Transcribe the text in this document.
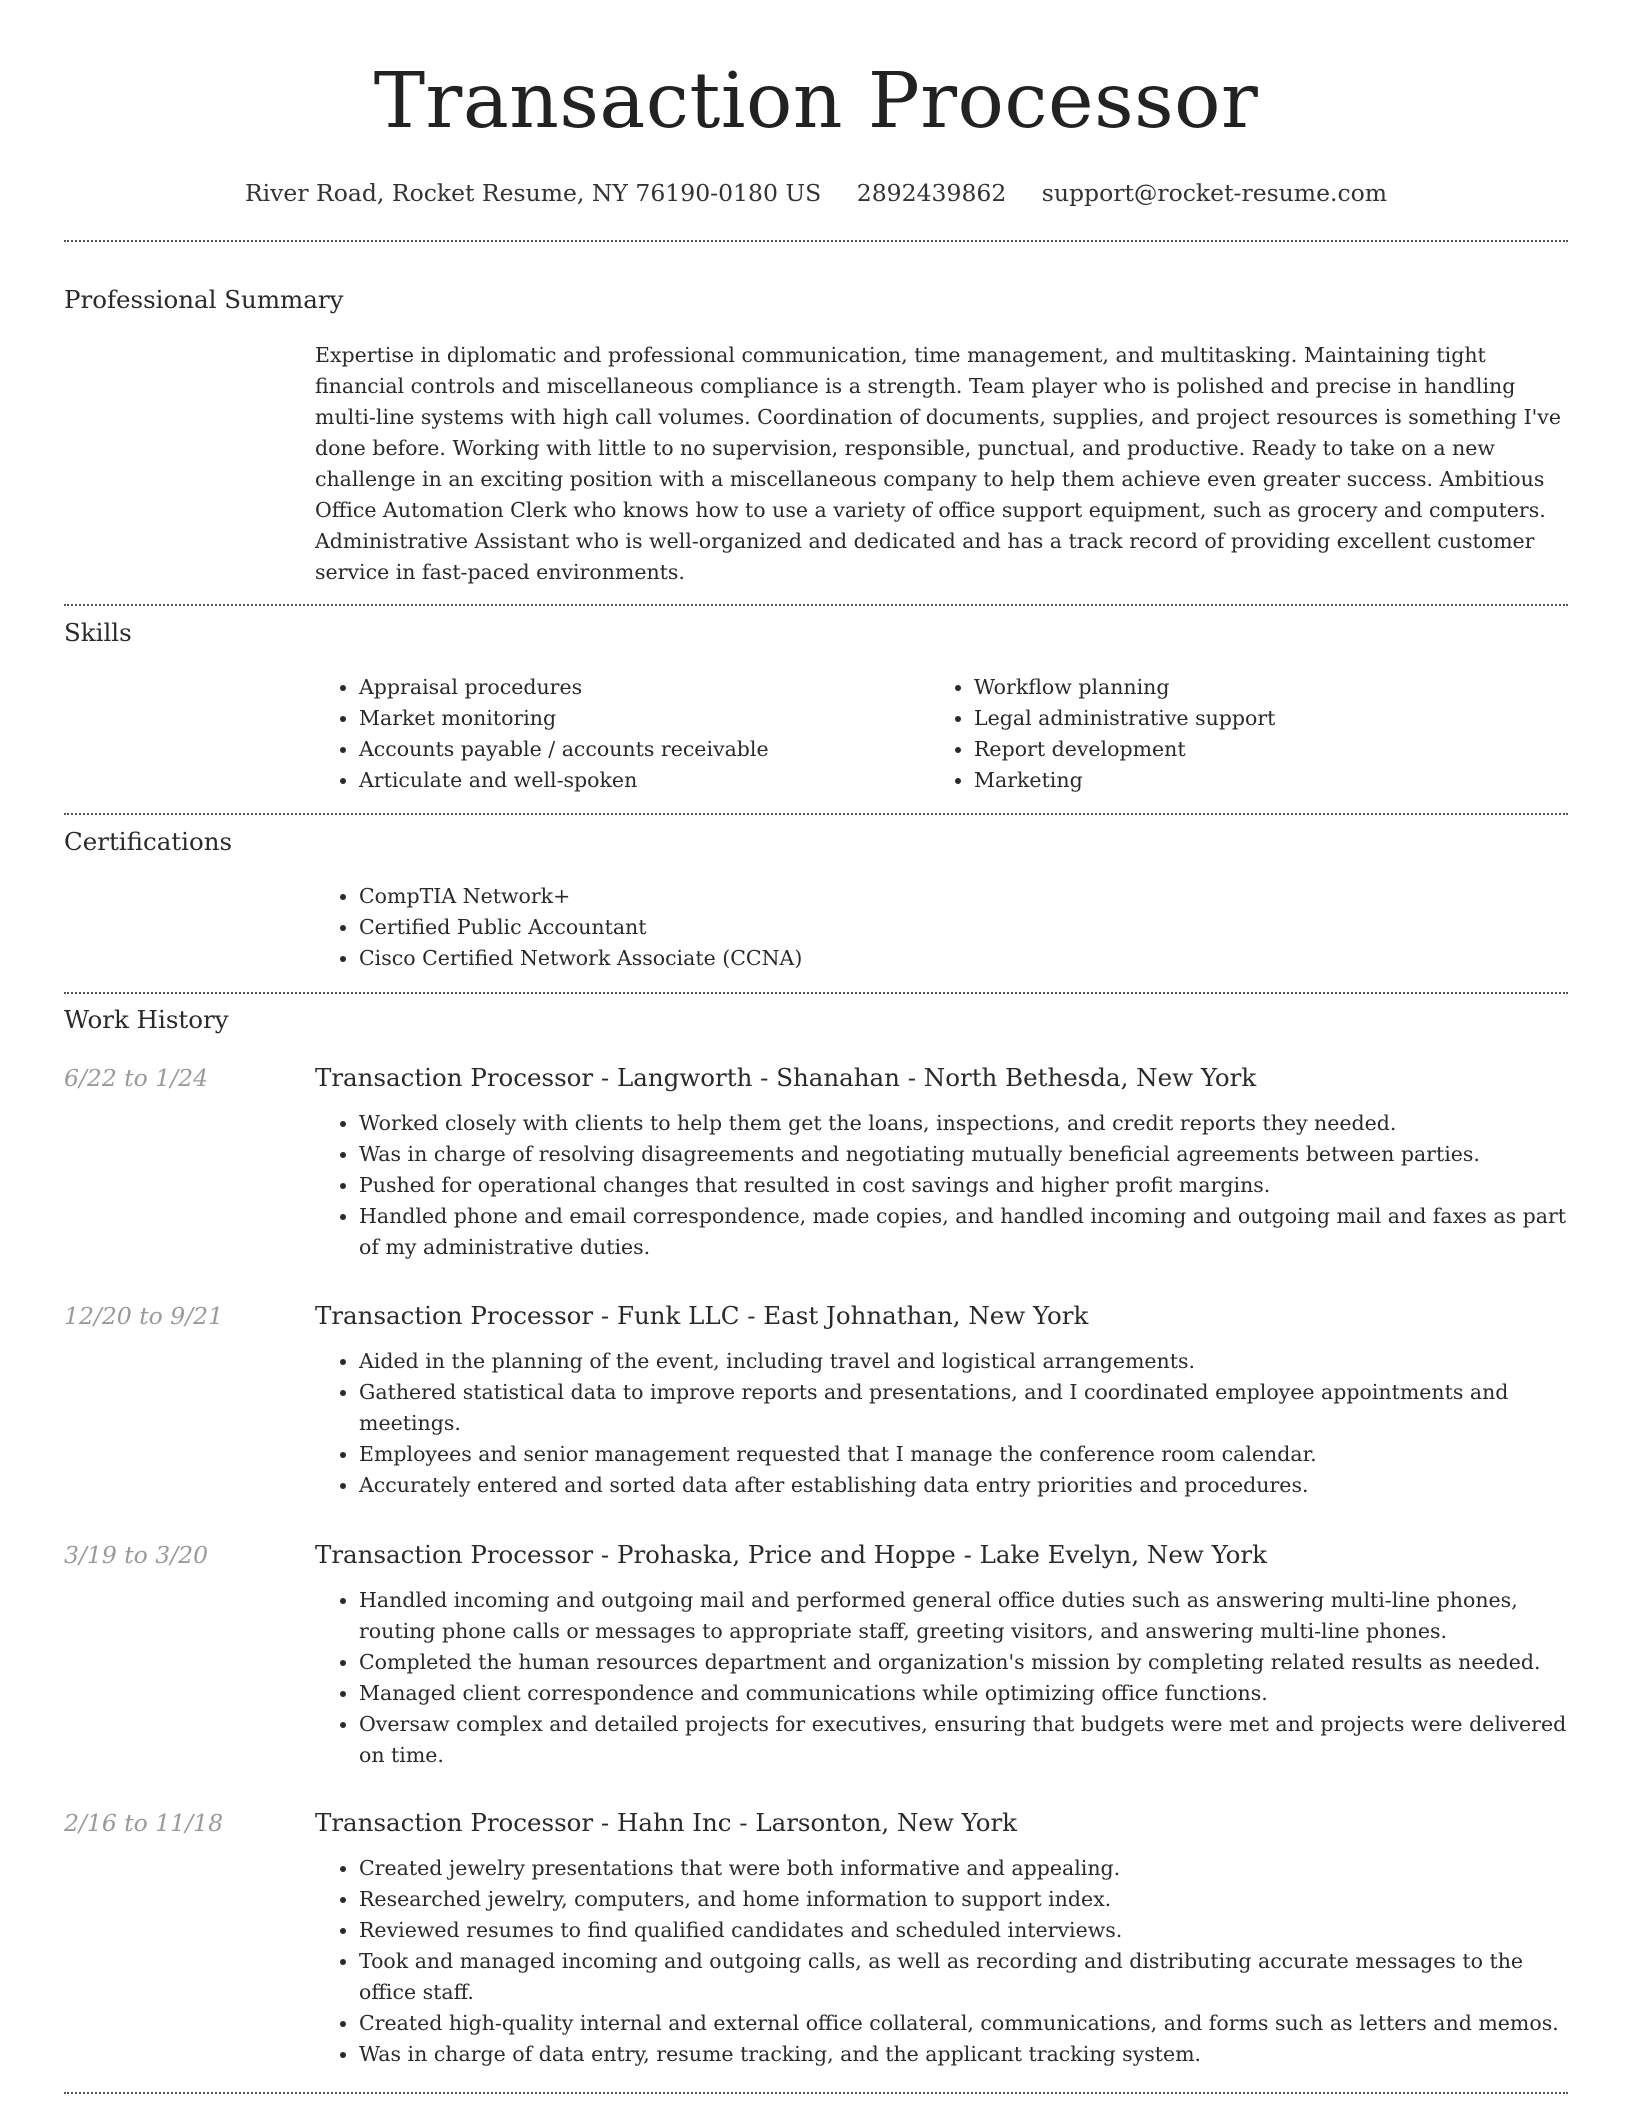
Transaction Processor
River Road, Rocket Resume, NY 76190-0180 US 2892439862 support@rocket-resume.com
Professional Summary
Expertise in diplomatic and professional communication, time management, and multitasking. Maintaining tight financial controls and miscellaneous compliance is a strength. Team player who is polished and precise in handling multi-line systems with high call volumes. Coordination of documents, supplies, and project resources is something I've done before. Working with little to no supervision, responsible, punctual, and productive. Ready to take on a new challenge in an exciting position with a miscellaneous company to help them achieve even greater success. Ambitious Office Automation Clerk who knows how to use a variety of office support equipment, such as grocery and computers. Administrative Assistant who is well-organized and dedicated and has a track record of providing excellent customer service in fast-paced environments.
Skills
• Appraisal procedures
• Market monitoring
• Accounts payable / accounts receivable
• Articulate and well-spoken
• Workflow planning
• Legal administrative support
• Report development
• Marketing
Certifications
• CompTIA Network+
• Certified Public Accountant
• Cisco Certified Network Associate (CCNA)
Work History
6/22 to 1/24	Transaction Processor - Langworth - Shanahan - North Bethesda, New York
• Worked closely with clients to help them get the loans, inspections, and credit reports they needed.
• Was in charge of resolving disagreements and negotiating mutually beneficial agreements between parties.
• Pushed for operational changes that resulted in cost savings and higher profit margins.
• Handled phone and email correspondence, made copies, and handled incoming and outgoing mail and faxes as part of my administrative duties.
12/20 to 9/21	Transaction Processor - Funk LLC - East Johnathan, New York
• Aided in the planning of the event, including travel and logistical arrangements.
• Gathered statistical data to improve reports and presentations, and I coordinated employee appointments and meetings.
• Employees and senior management requested that I manage the conference room calendar.
• Accurately entered and sorted data after establishing data entry priorities and procedures.
3/19 to 3/20	Transaction Processor - Prohaska, Price and Hoppe - Lake Evelyn, New York
• Handled incoming and outgoing mail and performed general office duties such as answering multi-line phones, routing phone calls or messages to appropriate staff, greeting visitors, and answering multi-line phones.
• Completed the human resources department and organization's mission by completing related results as needed.
• Managed client correspondence and communications while optimizing office functions.
• Oversaw complex and detailed projects for executives, ensuring that budgets were met and projects were delivered on time.
2/16 to 11/18	Transaction Processor - Hahn Inc - Larsonton, New York
• Created jewelry presentations that were both informative and appealing.
• Researched jewelry, computers, and home information to support index.
• Reviewed resumes to find qualified candidates and scheduled interviews.
• Took and managed incoming and outgoing calls, as well as recording and distributing accurate messages to the office staff.
• Created high-quality internal and external office collateral, communications, and forms such as letters and memos.
• Was in charge of data entry, resume tracking, and the applicant tracking system.
